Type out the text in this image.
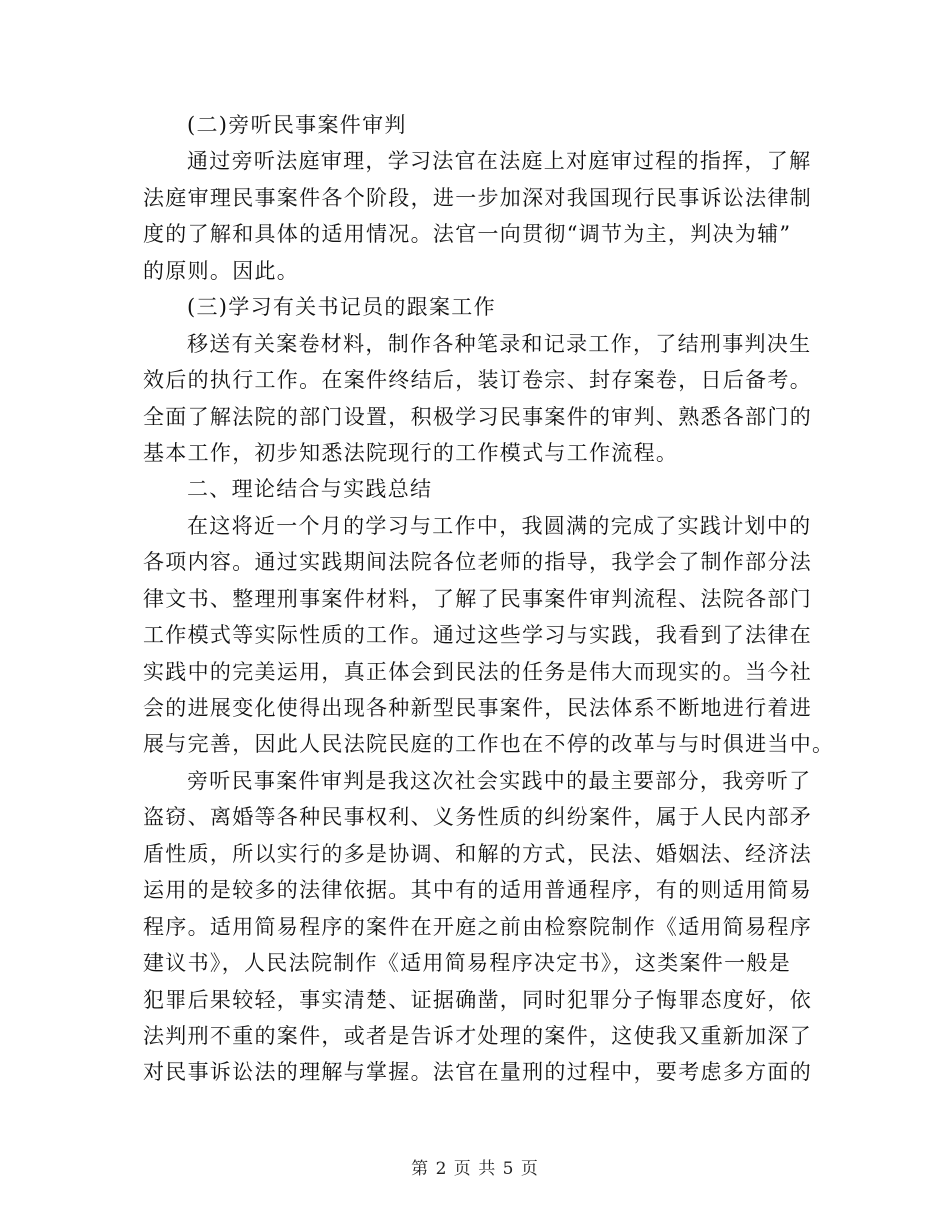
(二)旁听民事案件审判
通过旁听法庭审理，学习法官在法庭上对庭审过程的指挥，了解
法庭审理民事案件各个阶段，进一步加深对我国现行民事诉讼法律制
度的了解和具体的适用情况。法官一向贯彻“调节为主，判决为辅”
的原则。因此。
(三)学习有关书记员的跟案工作
移送有关案卷材料，制作各种笔录和记录工作，了结刑事判决生
效后的执行工作。在案件终结后，装订卷宗、封存案卷，日后备考。
全面了解法院的部门设置，积极学习民事案件的审判、熟悉各部门的
基本工作，初步知悉法院现行的工作模式与工作流程。
二、理论结合与实践总结
在这将近一个月的学习与工作中，我圆满的完成了实践计划中的
各项内容。通过实践期间法院各位老师的指导，我学会了制作部分法
律文书、整理刑事案件材料，了解了民事案件审判流程、法院各部门
工作模式等实际性质的工作。通过这些学习与实践，我看到了法律在
实践中的完美运用，真正体会到民法的任务是伟大而现实的。当今社
会的进展变化使得出现各种新型民事案件，民法体系不断地进行着进
展与完善，因此人民法院民庭的工作也在不停的改革与与时俱进当中。
旁听民事案件审判是我这次社会实践中的最主要部分，我旁听了
盗窃、离婚等各种民事权利、义务性质的纠纷案件，属于人民内部矛
盾性质，所以实行的多是协调、和解的方式，民法、婚姻法、经济法
运用的是较多的法律依据。其中有的适用普通程序，有的则适用简易
程序。适用简易程序的案件在开庭之前由检察院制作《适用简易程序
建议书》，人民法院制作《适用简易程序决定书》，这类案件一般是
犯罪后果较轻，事实清楚、证据确凿，同时犯罪分子悔罪态度好，依
法判刑不重的案件，或者是告诉才处理的案件，这使我又重新加深了
对民事诉讼法的理解与掌握。法官在量刑的过程中，要考虑多方面的
第 2 页 共 5 页
